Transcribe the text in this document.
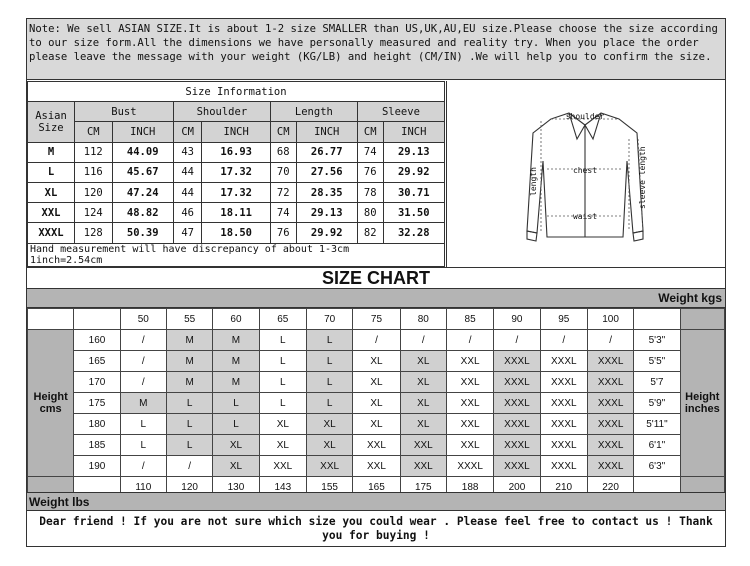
Note: We sell ASIAN SIZE.It is about 1-2 size SMALLER than US,UK,AU,EU size.Please choose the size according to our size form.All the dimensions we have personally measured and reality try. When you place the order please leave the message with your weight (KG/LB) and height (CM/IN) .We will help you to confirm the size.
Size Information								
Asian Size	Bust		Shoulder		Length		Sleeve	
	CM	INCH	CM	INCH	CM	INCH	CM	INCH
M	112	44.09	43	16.93	68	26.77	74	29.13
L	116	45.67	44	17.32	70	27.56	76	29.92
XL	120	47.24	44	17.32	72	28.35	78	30.71
XXL	124	48.82	46	18.11	74	29.13	80	31.50
XXXL	128	50.39	47	18.50	76	29.92	82	32.28
Hand measurement will have discrepancy of about 1-3cm  1inch=2.54cm								
shoulder
chest
waist
length	sleeve length
SIZE CHART
Weight kgs
		50	55	60	65	70	75	80	85	90	95	100		
Height cms	160	/	M	M	L	L	/	/	/	/	/	/	5'3"	Height inches
	165	/	M	M	L	L	XL	XL	XXL	XXXL	XXXL	XXXL	5'5"	
	170	/	M	M	L	L	XL	XL	XXL	XXXL	XXXL	XXXL	5'7	
	175	M	L	L	L	L	XL	XL	XXL	XXXL	XXXL	XXXL	5'9"	
	180	L	L	L	XL	XL	XL	XL	XXL	XXXL	XXXL	XXXL	5'11"	
	185	L	L	XL	XL	XL	XXL	XXL	XXL	XXXL	XXXL	XXXL	6'1"	
	190	/	/	XL	XXL	XXL	XXL	XXL	XXXL	XXXL	XXXL	XXXL	6'3"	
		110	120	130	143	155	165	175	188	200	210	220		
Weight lbs
Dear friend ! If you are not sure which size you could wear . Please feel free to contact us ! Thank you for buying !
